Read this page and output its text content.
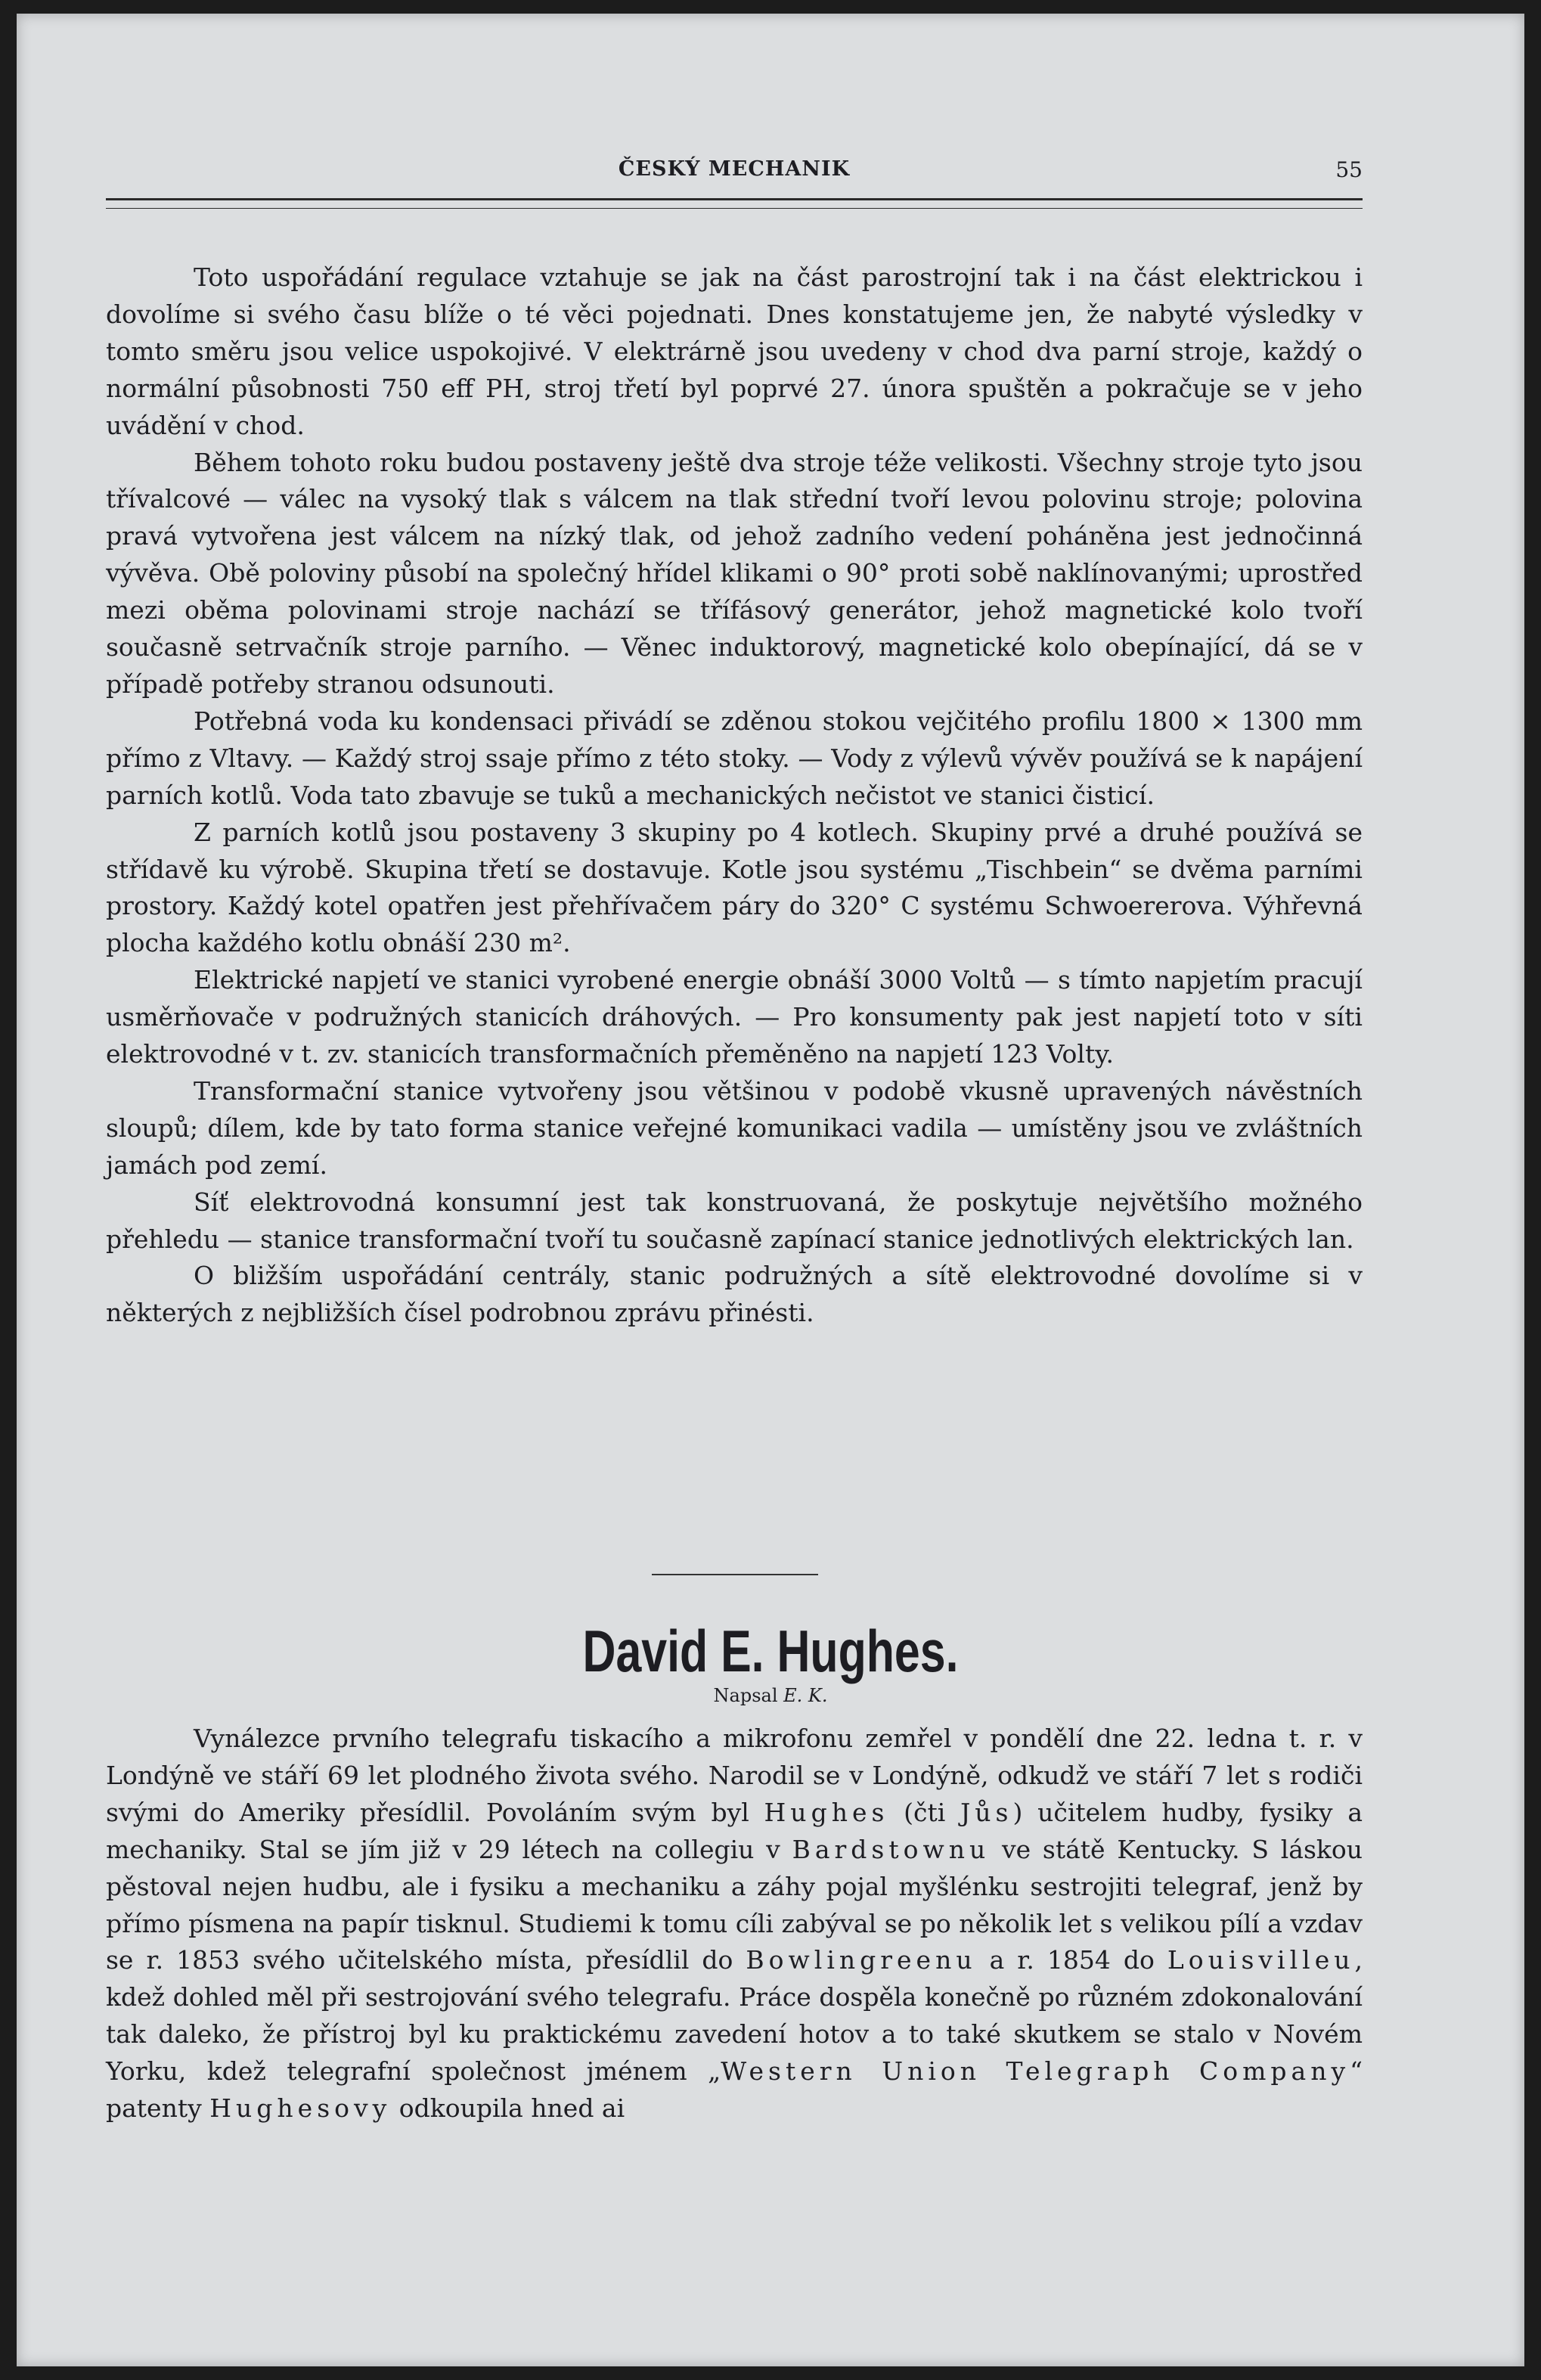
ČESKÝ MECHANIK	55

Toto uspořádání regulace vztahuje se jak na část parostrojní tak i na část elektrickou i dovolíme si svého času blíže o té věci pojednati. Dnes konstatujeme jen, že nabyté výsledky v tomto směru jsou velice uspokojivé. V elektrárně jsou uvedeny v chod dva parní stroje, každý o normální působnosti 750 eff PH, stroj třetí byl poprvé 27. února spuštěn a pokračuje se v jeho uvádění v chod.

Během tohoto roku budou postaveny ještě dva stroje téže velikosti. Všechny stroje tyto jsou třívalcové — válec na vysoký tlak s válcem na tlak střední tvoří levou polovinu stroje; polovina pravá vytvořena jest válcem na nízký tlak, od jehož zadního vedení poháněna jest jednočinná vývěva. Obě poloviny působí na společný hřídel klikami o 90° proti sobě naklínovanými; uprostřed mezi oběma polovinami stroje nachází se třífásový generátor, jehož magnetické kolo tvoří současně setrvačník stroje parního. — Věnec induktorový, magnetické kolo obepínající, dá se v případě potřeby stranou odsunouti.

Potřebná voda ku kondensaci přivádí se zděnou stokou vejčitého profilu 1800 × 1300 mm přímo z Vltavy. — Každý stroj ssaje přímo z této stoky. — Vody z výlevů vývěv používá se k napájení parních kotlů. Voda tato zbavuje se tuků a mechanických nečistot ve stanici čisticí.

Z parních kotlů jsou postaveny 3 skupiny po 4 kotlech. Skupiny prvé a druhé používá se střídavě ku výrobě. Skupina třetí se dostavuje. Kotle jsou systému „Tischbein“ se dvěma parními prostory. Každý kotel opatřen jest přehřívačem páry do 320° C systému Schwoererova. Výhřevná plocha každého kotlu obnáší 230 m².

Elektrické napjetí ve stanici vyrobené energie obnáší 3000 Voltů — s tímto napjetím pracují usměrňovače v podružných stanicích dráhových. — Pro konsumenty pak jest napjetí toto v síti elektrovodné v t. zv. stanicích transformačních přeměněno na napjetí 123 Volty.

Transformační stanice vytvořeny jsou většinou v podobě vkusně upravených návěstních sloupů; dílem, kde by tato forma stanice veřejné komunikaci vadila — umístěny jsou ve zvláštních jamách pod zemí.

Síť elektrovodná konsumní jest tak konstruovaná, že poskytuje největšího možného přehledu — stanice transformační tvoří tu současně zapínací stanice jednotlivých elektrických lan.

O bližším uspořádání centrály, stanic podružných a sítě elektrovodné dovolíme si v některých z nejbližších čísel podrobnou zprávu přinésti.

David E. Hughes.
Napsal E. K.

Vynálezce prvního telegrafu tiskacího a mikrofonu zemřel v pondělí dne 22. ledna t. r. v Londýně ve stáří 69 let plodného života svého. Narodil se v Londýně, odkudž ve stáří 7 let s rodiči svými do Ameriky přesídlil. Povoláním svým byl Hughes (čti Jůs) učitelem hudby, fysiky a mechaniky. Stal se jím již v 29 létech na collegiu v Bardstownu ve státě Kentucky. S láskou pěstoval nejen hudbu, ale i fysiku a mechaniku a záhy pojal myšlénku sestrojiti telegraf, jenž by přímo písmena na papír tisknul. Studiemi k tomu cíli zabýval se po několik let s velikou pílí a vzdav se r. 1853 svého učitelského místa, přesídlil do Bowlingreenu a r. 1854 do Louisvilleu, kdež dohled měl při sestrojování svého telegrafu. Práce dospěla konečně po různém zdokonalování tak daleko, že přístroj byl ku praktickému zavedení hotov a to také skutkem se stalo v Novém Yorku, kdež telegrafní společnost jménem „Western Union Telegraph Company“ patenty Hughesovy odkoupila hned ai
